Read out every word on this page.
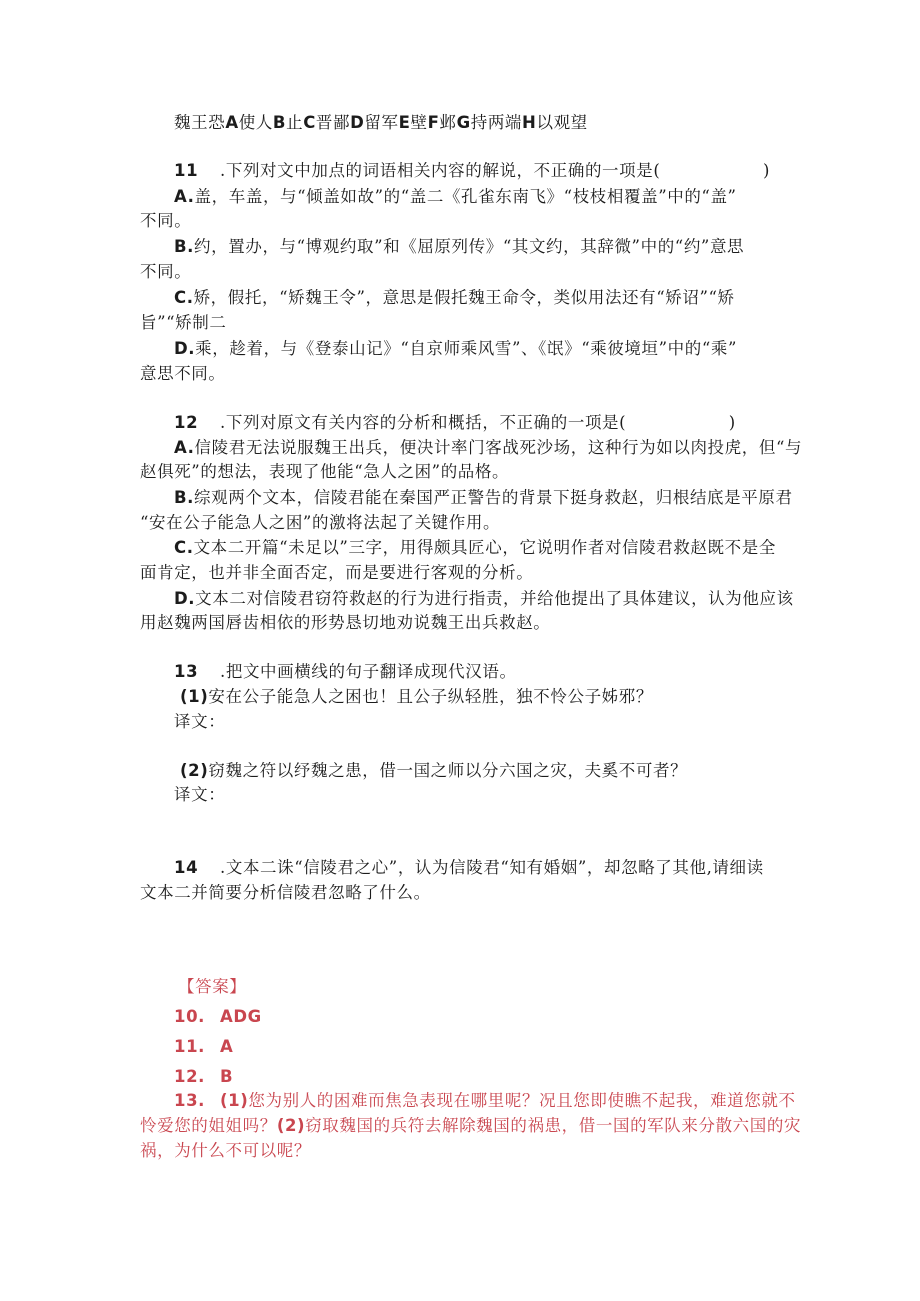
魏王恐A使人B止C晋鄙D留军E壁F邺G持两端H以观望
11 .下列对文中加点的词语相关内容的解说，不正确的一项是(　　　　　　)
A.盖，车盖，与“倾盖如故”的“盖二《孔雀东南飞》“枝枝相覆盖”中的“盖”
不同。
B.约，置办，与“博观约取”和《屈原列传》“其文约，其辞微”中的“约”意思
不同。
C.矫，假托，“矫魏王令”，意思是假托魏王命令，类似用法还有“矫诏”“矫
旨”“矫制二
D.乘，趁着，与《登泰山记》“自京师乘风雪”、《氓》“乘彼境垣”中的“乘”
意思不同。
12 .下列对原文有关内容的分析和概括，不正确的一项是(　　　　　　)
A.信陵君无法说服魏王出兵，便决计率门客战死沙场，这种行为如以肉投虎，但“与
赵俱死”的想法，表现了他能“急人之困”的品格。
B.综观两个文本，信陵君能在秦国严正警告的背景下挺身救赵，归根结底是平原君
“安在公子能急人之困”的激将法起了关键作用。
C.文本二开篇“未足以”三字，用得颇具匠心，它说明作者对信陵君救赵既不是全
面肯定，也并非全面否定，而是要进行客观的分析。
D.文本二对信陵君窃符救赵的行为进行指责，并给他提出了具体建议，认为他应该
用赵魏两国唇齿相依的形势恳切地劝说魏王出兵救赵。
13 .把文中画横线的句子翻译成现代汉语。
(1)安在公子能急人之困也！且公子纵轻胜，独不怜公子姊邪？
译文：
(2)窃魏之符以纾魏之患，借一国之师以分六国之灾，夫奚不可者？
译文：
14 .文本二诛“信陵君之心”，认为信陵君“知有婚姻”，却忽略了其他,请细读
文本二并简要分析信陵君忽略了什么。
【答案】
10. ADG
11. A
12. B
13. (1)您为别人的困难而焦急表现在哪里呢？况且您即使瞧不起我，难道您就不
怜爱您的姐姐吗？(2)窃取魏国的兵符去解除魏国的祸患，借一国的军队来分散六国的灾
祸，为什么不可以呢？
